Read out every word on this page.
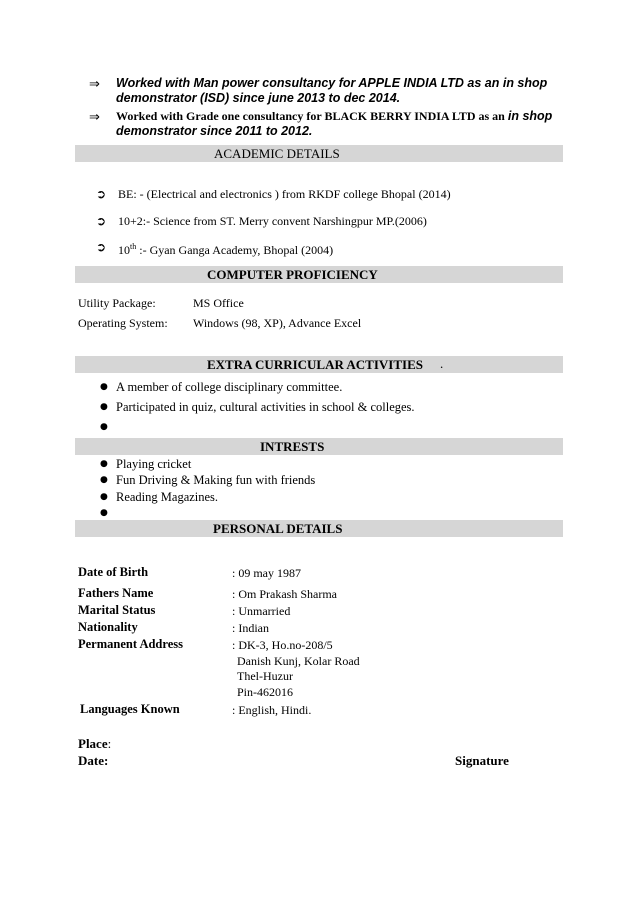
⇒	Worked with Man power consultancy for APPLE INDIA LTD as an in shop
demonstrator (ISD) since june 2013 to dec 2014.
⇒	Worked with Grade one consultancy for BLACK BERRY INDIA LTD as an in shop
demonstrator since 2011 to 2012.
ACADEMIC DETAILS
➲ BE: - (Electrical and electronics ) from RKDF college Bhopal (2014)
➲ 10+2:- Science from ST. Merry convent Narshingpur MP.(2006)
➲ 10th :- Gyan Ganga Academy, Bhopal (2004)
COMPUTER PROFICIENCY
Utility Package:	MS Office
Operating System: Windows (98, XP), Advance Excel
EXTRA CURRICULAR ACTIVITIES .
● A member of college disciplinary committee.
● Participated in quiz, cultural activities in school & colleges.
●
INTRESTS
● Playing cricket
● Fun Driving & Making fun with friends
● Reading Magazines.
●
PERSONAL DETAILS
Date of Birth	: 09 may 1987
Fathers Name	: Om Prakash Sharma
Marital Status	: Unmarried
Nationality	: Indian
Permanent Address	: DK-3, Ho.no-208/5
Danish Kunj, Kolar Road
Thel-Huzur
Pin-462016
Languages Known	: English, Hindi.
Place:
Date:	Signature
